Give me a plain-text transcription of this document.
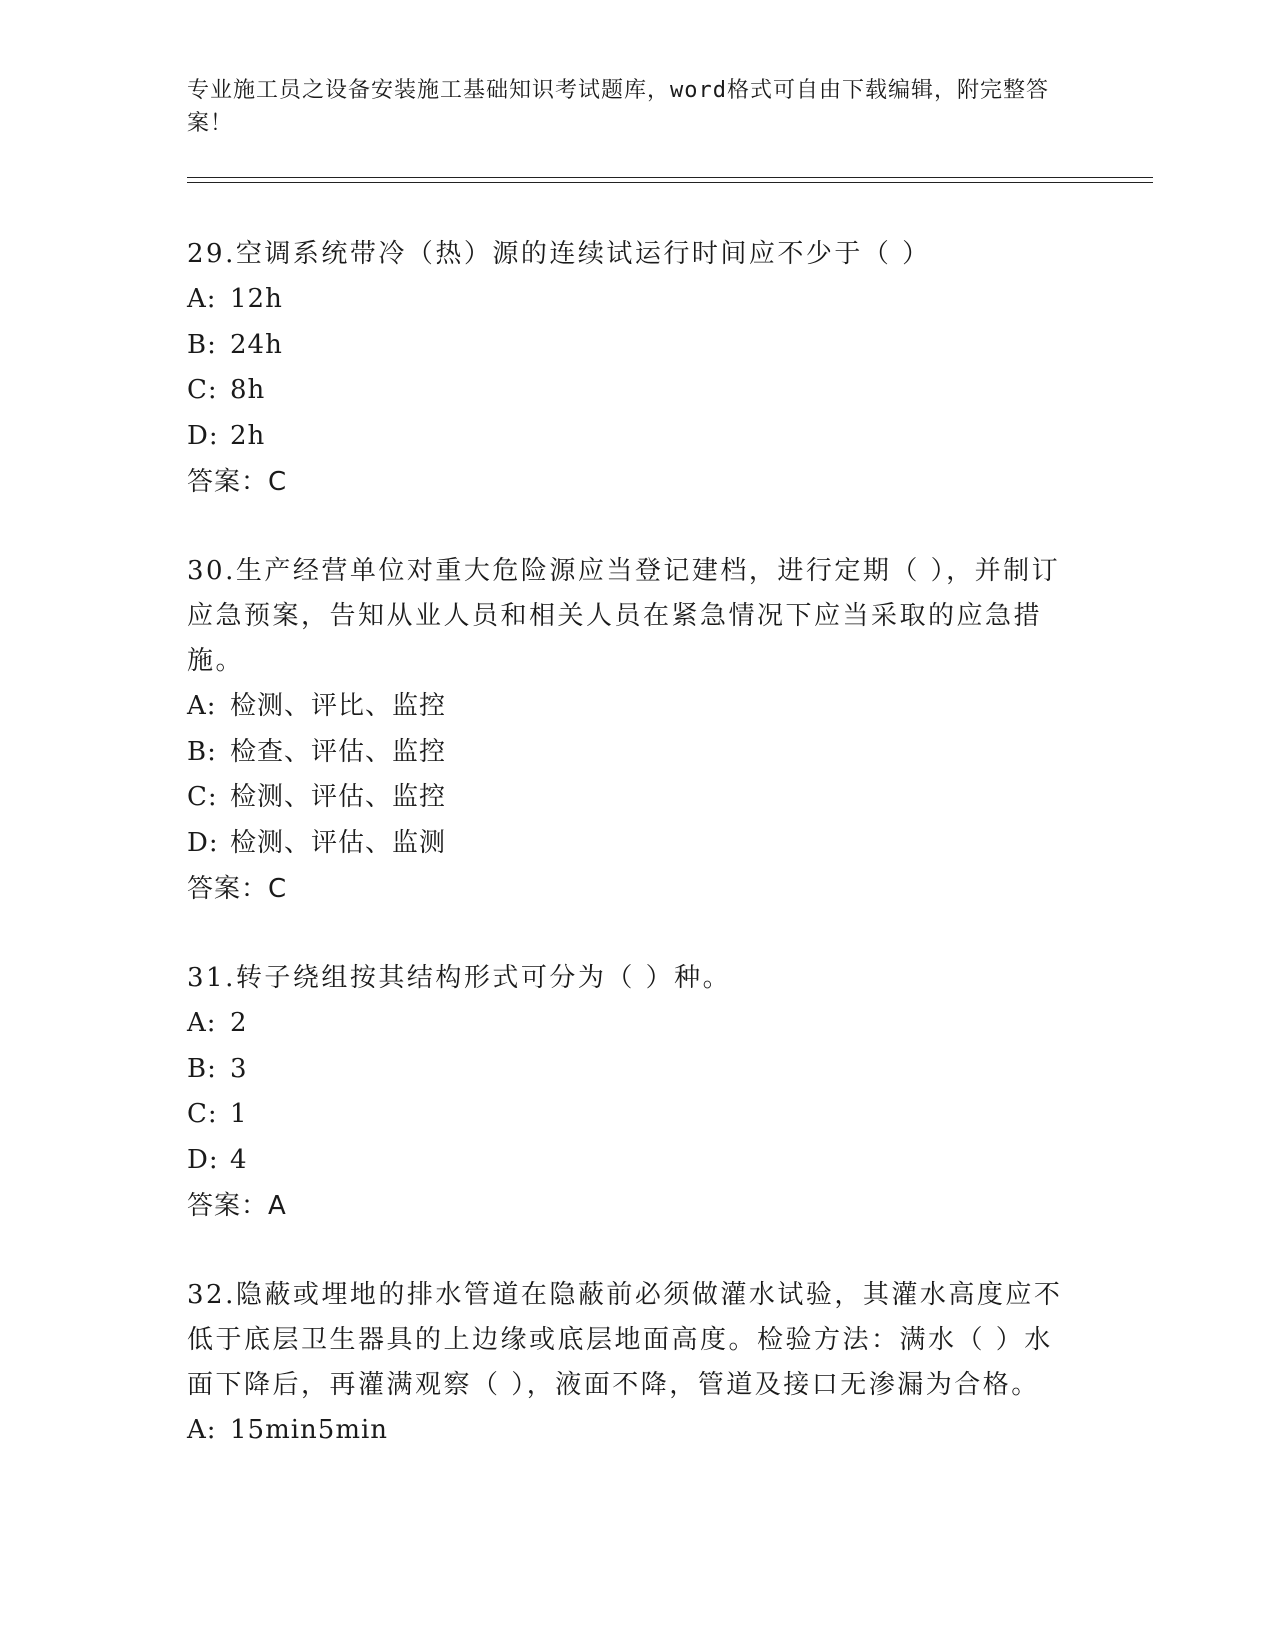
专业施工员之设备安装施工基础知识考试题库，word格式可自由下载编辑，附完整答案！

29.空调系统带冷（热）源的连续试运行时间应不少于（ ）

A: 12h

B: 24h

C: 8h

D: 2h

答案：C

30.生产经营单位对重大危险源应当登记建档，进行定期（ ），并制订应急预案，告知从业人员和相关人员在紧急情况下应当采取的应急措施。

A: 检测、评比、监控

B: 检查、评估、监控

C: 检测、评估、监控

D: 检测、评估、监测

答案：C

31.转子绕组按其结构形式可分为（ ）种。

A: 2

B: 3

C: 1

D: 4

答案：A

32.隐蔽或埋地的排水管道在隐蔽前必须做灌水试验，其灌水高度应不低于底层卫生器具的上边缘或底层地面高度。检验方法：满水（ ）水面下降后，再灌满观察（ ），液面不降，管道及接口无渗漏为合格。

A: 15min5min
